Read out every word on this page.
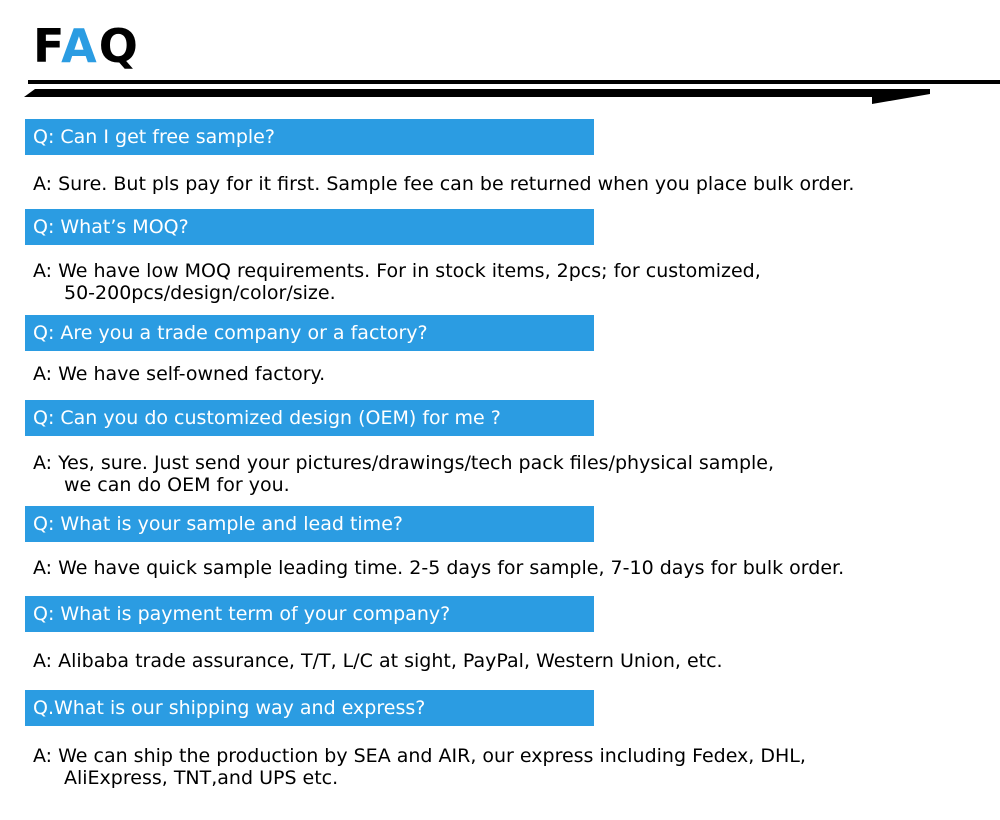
FAQ
Q: Can I get free sample?
A: Sure. But pls pay for it first. Sample fee can be returned when you place bulk order.
Q: What’s MOQ?
A: We have low MOQ requirements. For in stock items, 2pcs; for customized,
50-200pcs/design/color/size.
Q: Are you a trade company or a factory?
A: We have self-owned factory.
Q: Can you do customized design (OEM) for me ?
A: Yes, sure. Just send your pictures/drawings/tech pack files/physical sample,
we can do OEM for you.
Q: What is your sample and lead time?
A: We have quick sample leading time. 2-5 days for sample, 7-10 days for bulk order.
Q: What is payment term of your company?
A: Alibaba trade assurance, T/T, L/C at sight, PayPal, Western Union, etc.
Q.What is our shipping way and express?
A: We can ship the production by SEA and AIR, our express including Fedex, DHL,
AliExpress, TNT,and UPS etc.
